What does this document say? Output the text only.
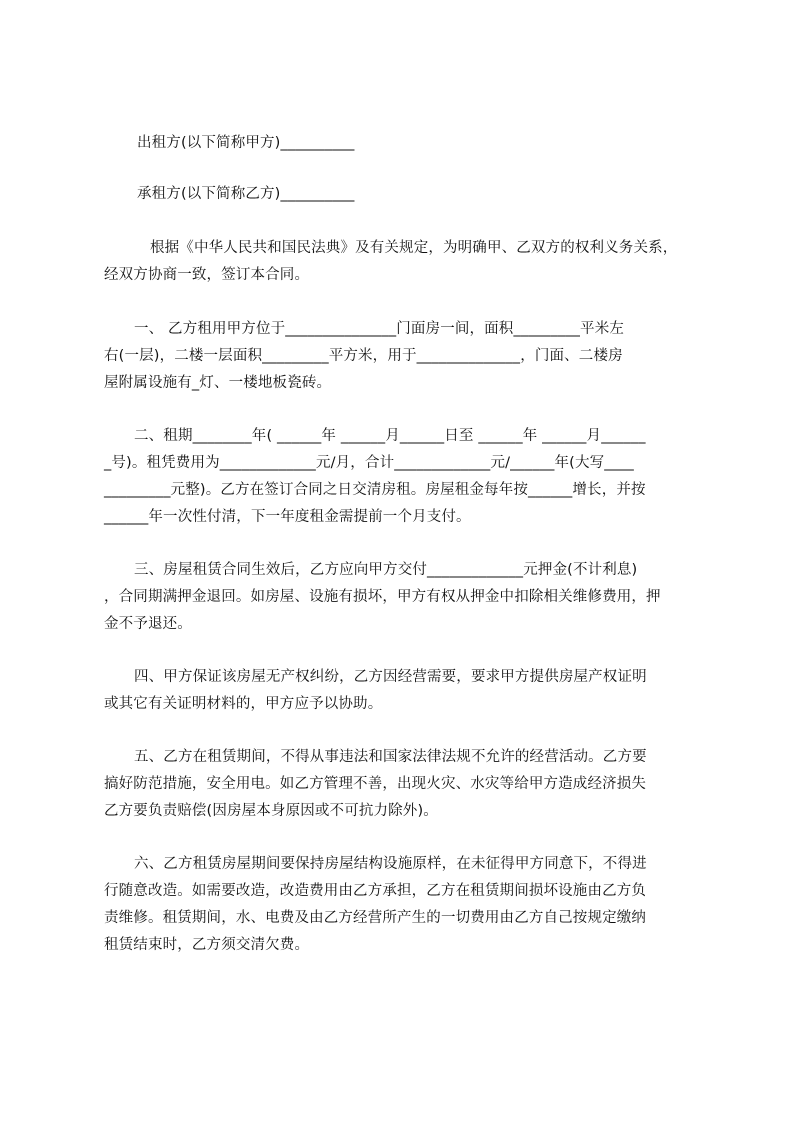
出租方(以下简称甲方)__________
承租方(以下简称乙方)__________
根据《中华人民共和国民法典》及有关规定，为明确甲、乙双方的权利义务关系，
经双方协商一致，签订本合同。
一、 乙方租用甲方位于_______________门面房一间，面积_________平米左
右(一层)，二楼一层面积_________平方米，用于______________，门面、二楼房
屋附属设施有_灯、一楼地板瓷砖。
二、租期________年( ______年 ______月______日至 ______年 ______月______
_号)。租凭费用为_____________元/月，合计_____________元/______年(大写____
_________元整)。乙方在签订合同之日交清房租。房屋租金每年按______增长，并按
______年一次性付清，下一年度租金需提前一个月支付。
三、房屋租赁合同生效后，乙方应向甲方交付_____________元押金(不计利息)
，合同期满押金退回。如房屋、设施有损坏，甲方有权从押金中扣除相关维修费用，押
金不予退还。
四、甲方保证该房屋无产权纠纷，乙方因经营需要，要求甲方提供房屋产权证明
或其它有关证明材料的，甲方应予以协助。
五、乙方在租赁期间，不得从事违法和国家法律法规不允许的经营活动。乙方要
搞好防范措施，安全用电。如乙方管理不善，出现火灾、水灾等给甲方造成经济损失
乙方要负责赔偿(因房屋本身原因或不可抗力除外)。
六、乙方租赁房屋期间要保持房屋结构设施原样，在未征得甲方同意下，不得进
行随意改造。如需要改造，改造费用由乙方承担，乙方在租赁期间损坏设施由乙方负
责维修。租赁期间，水、电费及由乙方经营所产生的一切费用由乙方自己按规定缴纳
租赁结束时，乙方须交清欠费。
